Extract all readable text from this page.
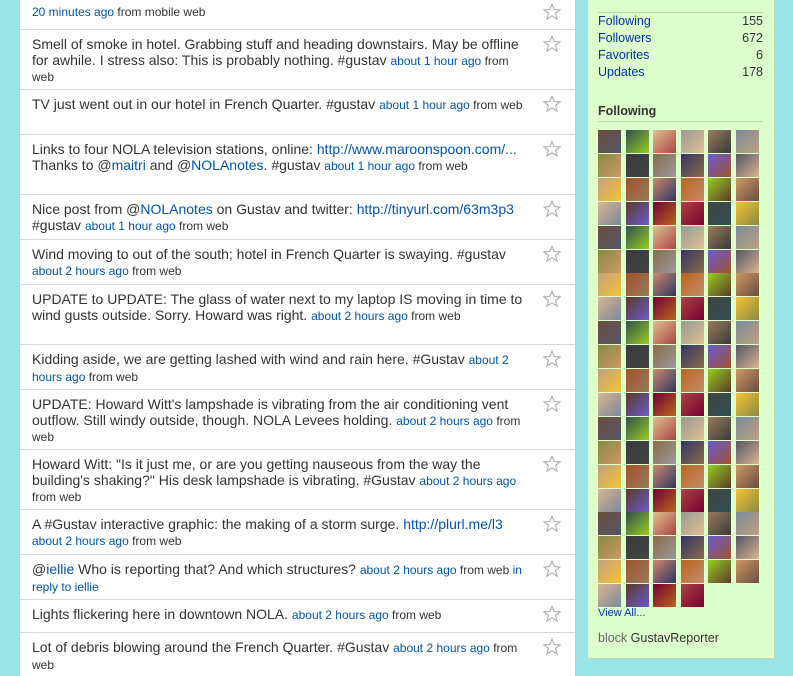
20 minutes ago from mobile web
Smell of smoke in hotel. Grabbing stuff and heading downstairs. May be offline for awhile. I stress also: This is probably nothing. #gustav about 1 hour ago from web
TV just went out in our hotel in French Quarter. #gustav about 1 hour ago from web
Links to four NOLA television stations, online: http://www.maroonspoon.com/... Thanks to @maitri and @NOLAnotes. #gustav about 1 hour ago from web
Nice post from @NOLAnotes on Gustav and twitter: http://tinyurl.com/63m3p3 #gustav about 1 hour ago from web
Wind moving to out of the south; hotel in French Quarter is swaying. #gustav about 2 hours ago from web
UPDATE to UPDATE: The glass of water next to my laptop IS moving in time to wind gusts outside. Sorry. Howard was right. about 2 hours ago from web
Kidding aside, we are getting lashed with wind and rain here. #Gustav about 2 hours ago from web
UPDATE: Howard Witt's lampshade is vibrating from the air conditioning vent outflow. Still windy outside, though. NOLA Levees holding. about 2 hours ago from web
Howard Witt: "Is it just me, or are you getting nauseous from the way the building's shaking?" His desk lampshade is vibrating. #Gustav about 2 hours ago from web
A #Gustav interactive graphic: the making of a storm surge. http://plurl.me/l3 about 2 hours ago from web
@iellie Who is reporting that? And which structures? about 2 hours ago from web in reply to iellie
Lights flickering here in downtown NOLA. about 2 hours ago from web
Lot of debris blowing around the French Quarter. #Gustav about 2 hours ago from web
Following	155
Followers	672
Favorites	6
Updates	178
Following
View All...
block GustavReporter
